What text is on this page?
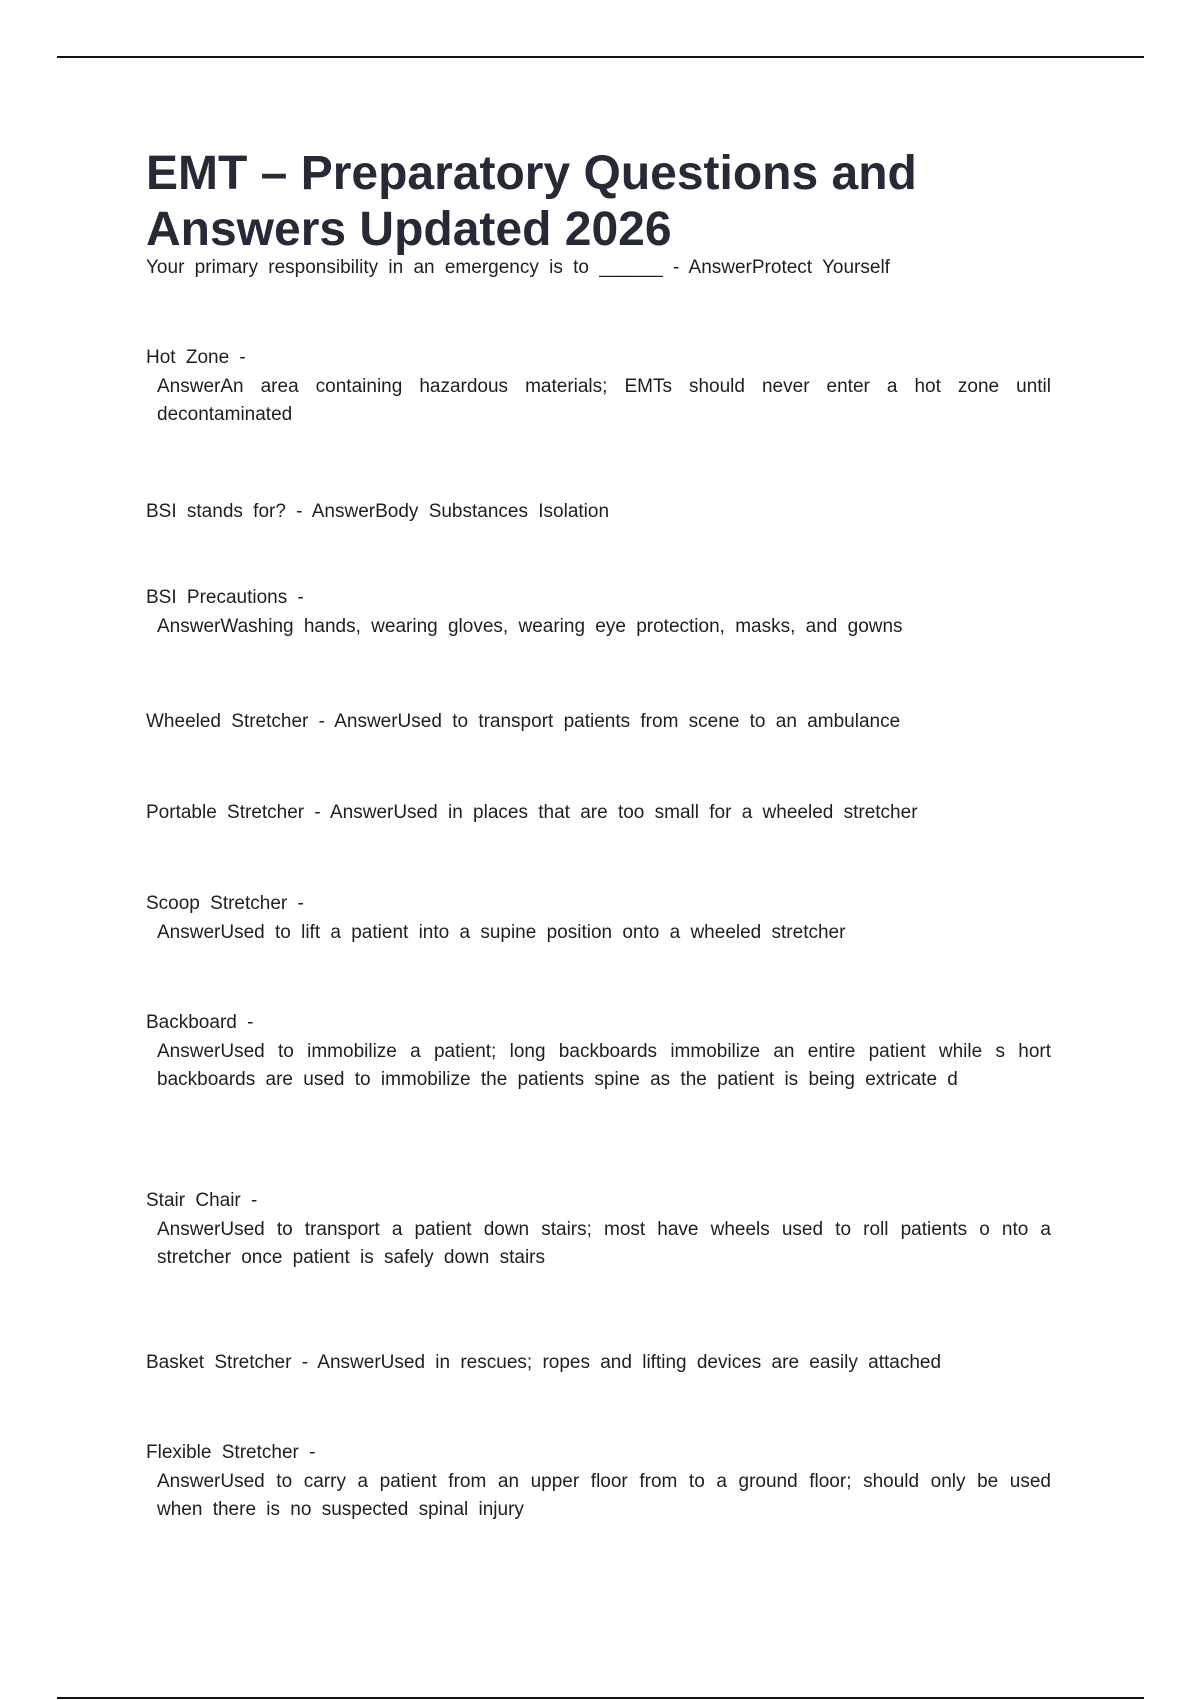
EMT – Preparatory Questions and Answers Updated 2026
Your primary responsibility in an emergency is to ______ - AnswerProtect Yourself
Hot Zone -
AnswerAn area containing hazardous materials; EMTs should never enter a hot zone until decontaminated
BSI stands for? - AnswerBody Substances Isolation
BSI Precautions -
AnswerWashing hands, wearing gloves, wearing eye protection, masks, and gowns
Wheeled Stretcher - AnswerUsed to transport patients from scene to an ambulance
Portable Stretcher - AnswerUsed in places that are too small for a wheeled stretcher
Scoop Stretcher -
AnswerUsed to lift a patient into a supine position onto a wheeled stretcher
Backboard -
AnswerUsed to immobilize a patient; long backboards immobilize an entire patient while s hort backboards are used to immobilize the patients spine as the patient is being extricate d
Stair Chair -
AnswerUsed to transport a patient down stairs; most have wheels used to roll patients o nto a stretcher once patient is safely down stairs
Basket Stretcher - AnswerUsed in rescues; ropes and lifting devices are easily attached
Flexible Stretcher -
AnswerUsed to carry a patient from an upper floor from to a ground floor; should only be used when there is no suspected spinal injury
